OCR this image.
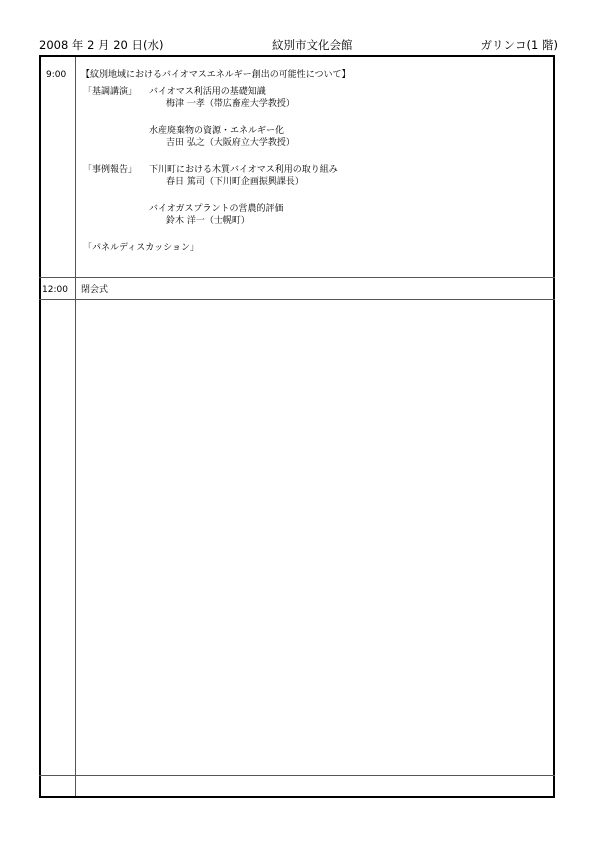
2008 年 2 月 20 日(水)	紋別市文化会館	ガリンコ(1 階)
9:00 【紋別地域におけるバイオマスエネルギー創出の可能性について】
「基調講演」 バイオマス利活用の基礎知識
梅津 一孝（帯広畜産大学教授）
水産廃棄物の資源・エネルギー化
吉田 弘之（大阪府立大学教授）
「事例報告」 下川町における木質バイオマス利用の取り組み
春日 篤司（下川町企画振興課長）
バイオガスプラントの営農的評価
鈴木 洋一（士幌町）
「パネルディスカッション」
12:00 閉会式
